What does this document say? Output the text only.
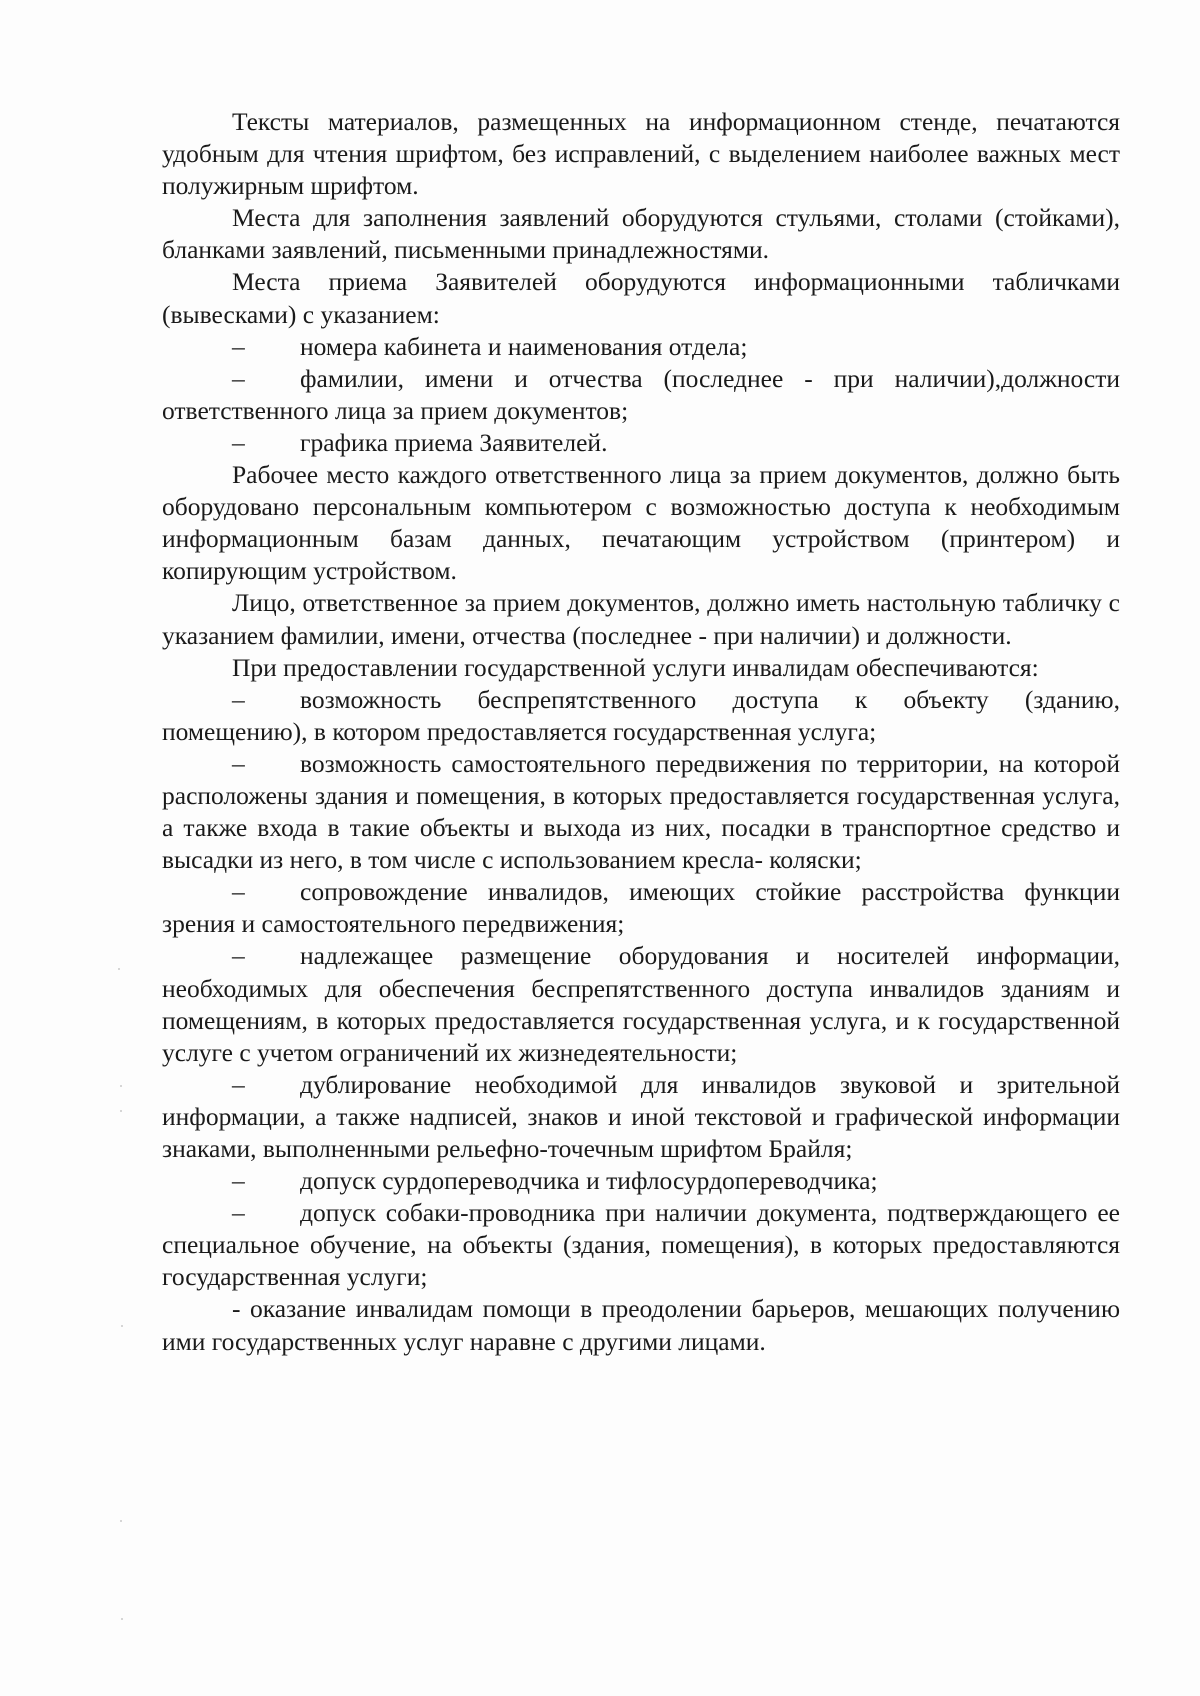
Тексты материалов, размещенных на информационном стенде, печатаются удобным для чтения шрифтом, без исправлений, с выделением наиболее важных мест полужирным шрифтом.

Места для заполнения заявлений оборудуются стульями, столами (стойками), бланками заявлений, письменными принадлежностями.

Места приема Заявителей оборудуются информационными табличками (вывесками) с указанием:

– номера кабинета и наименования отдела;

– фамилии, имени и отчества (последнее - при наличии),должности ответственного лица за прием документов;

– графика приема Заявителей.

Рабочее место каждого ответственного лица за прием документов, должно быть оборудовано персональным компьютером с возможностью доступа к необходимым информационным базам данных, печатающим устройством (принтером) и копирующим устройством.

Лицо, ответственное за прием документов, должно иметь настольную табличку с указанием фамилии, имени, отчества (последнее - при наличии) и должности.

При предоставлении государственной услуги инвалидам обеспечиваются:

– возможность беспрепятственного доступа к объекту (зданию, помещению), в котором предоставляется государственная услуга;

– возможность самостоятельного передвижения по территории, на которой расположены здания и помещения, в которых предоставляется государственная услуга, а также входа в такие объекты и выхода из них, посадки в транспортное средство и высадки из него, в том числе с использованием кресла- коляски;

– сопровождение инвалидов, имеющих стойкие расстройства функции зрения и самостоятельного передвижения;

– надлежащее размещение оборудования и носителей информации, необходимых для обеспечения беспрепятственного доступа инвалидов зданиям и помещениям, в которых предоставляется государственная услуга, и к государственной услуге с учетом ограничений их жизнедеятельности;

– дублирование необходимой для инвалидов звуковой и зрительной информации, а также надписей, знаков и иной текстовой и графической информации знаками, выполненными рельефно-точечным шрифтом Брайля;

– допуск сурдопереводчика и тифлосурдопереводчика;

– допуск собаки-проводника при наличии документа, подтверждающего ее специальное обучение, на объекты (здания, помещения), в которых предоставляются государственная услуги;

- оказание инвалидам помощи в преодолении барьеров, мешающих получению ими государственных услуг наравне с другими лицами.
